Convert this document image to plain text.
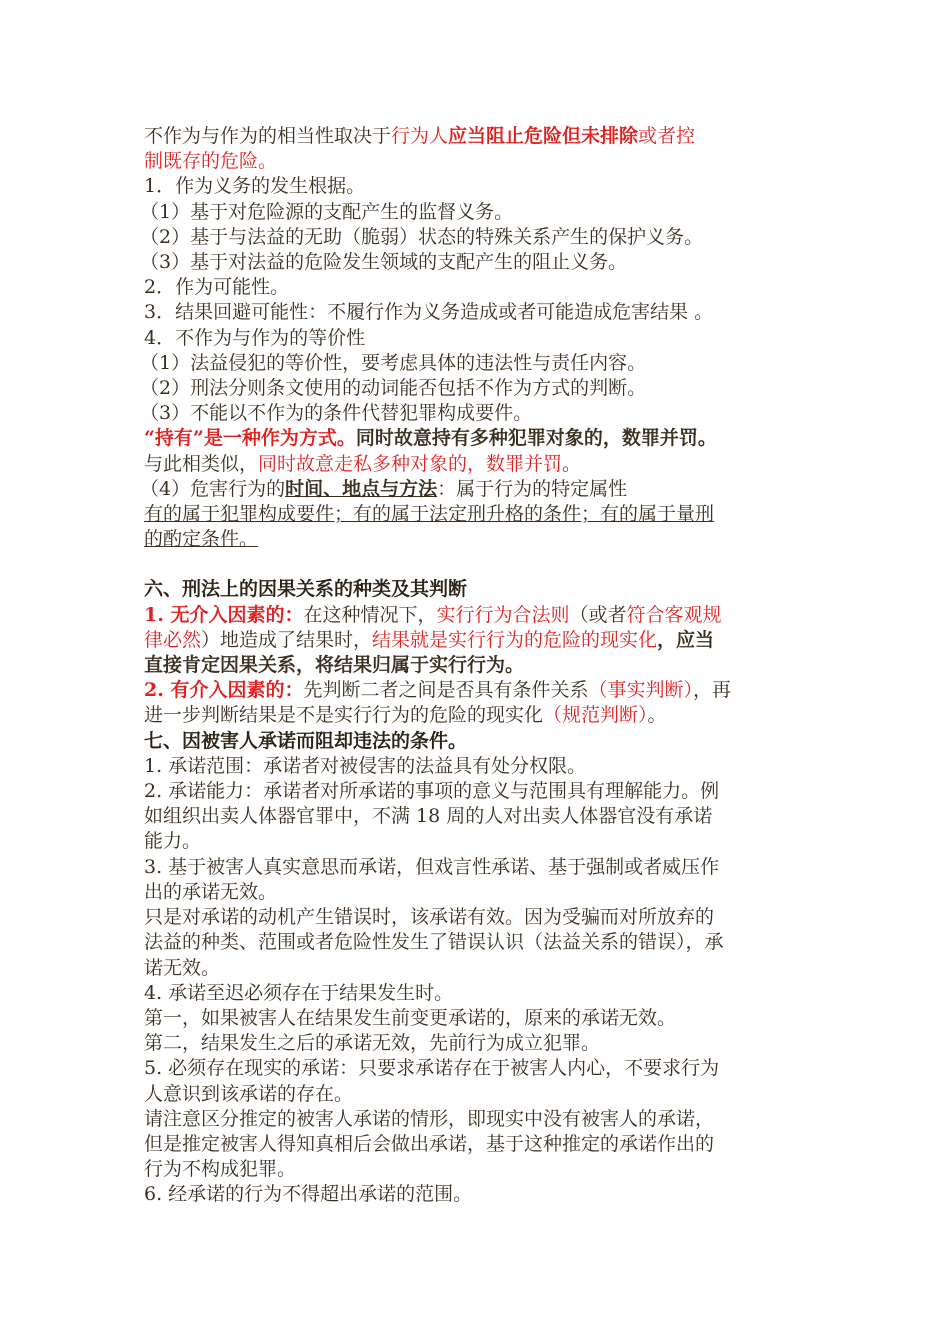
不作为与作为的相当性取决于行为人应当阻止危险但未排除或者控

制既存的危险。

1．作为义务的发生根据。

（1）基于对危险源的支配产生的监督义务。

（2）基于与法益的无助（脆弱）状态的特殊关系产生的保护义务。

（3）基于对法益的危险发生领域的支配产生的阻止义务。

2．作为可能性。

3．结果回避可能性：不履行作为义务造成或者可能造成危害结果 。

4．不作为与作为的等价性

（1）法益侵犯的等价性，要考虑具体的违法性与责任内容。

（2）刑法分则条文使用的动词能否包括不作为方式的判断。

（3）不能以不作为的条件代替犯罪构成要件。

“持有”是一种作为方式。同时故意持有多种犯罪对象的，数罪并罚。

与此相类似，同时故意走私多种对象的，数罪并罚。

（4）危害行为的时间、地点与方法：属于行为的特定属性

有的属于犯罪构成要件；有的属于法定刑升格的条件；有的属于量刑

的酌定条件。

六、刑法上的因果关系的种类及其判断

1. 无介入因素的：在这种情况下，实行行为合法则（或者符合客观规

律必然）地造成了结果时，结果就是实行行为的危险的现实化，应当

直接肯定因果关系，将结果归属于实行行为。

2. 有介入因素的：先判断二者之间是否具有条件关系（事实判断），再

进一步判断结果是不是实行行为的危险的现实化（规范判断）。

七、因被害人承诺而阻却违法的条件。

1. 承诺范围：承诺者对被侵害的法益具有处分权限。

2. 承诺能力：承诺者对所承诺的事项的意义与范围具有理解能力。例

如组织出卖人体器官罪中，不满 18 周的人对出卖人体器官没有承诺

能力。

3. 基于被害人真实意思而承诺，但戏言性承诺、基于强制或者威压作

出的承诺无效。

只是对承诺的动机产生错误时，该承诺有效。因为受骗而对所放弃的

法益的种类、范围或者危险性发生了错误认识（法益关系的错误），承

诺无效。

4. 承诺至迟必须存在于结果发生时。

第一，如果被害人在结果发生前变更承诺的，原来的承诺无效。

第二，结果发生之后的承诺无效，先前行为成立犯罪。

5. 必须存在现实的承诺：只要求承诺存在于被害人内心，不要求行为

人意识到该承诺的存在。

请注意区分推定的被害人承诺的情形，即现实中没有被害人的承诺，

但是推定被害人得知真相后会做出承诺，基于这种推定的承诺作出的

行为不构成犯罪。

6. 经承诺的行为不得超出承诺的范围。
